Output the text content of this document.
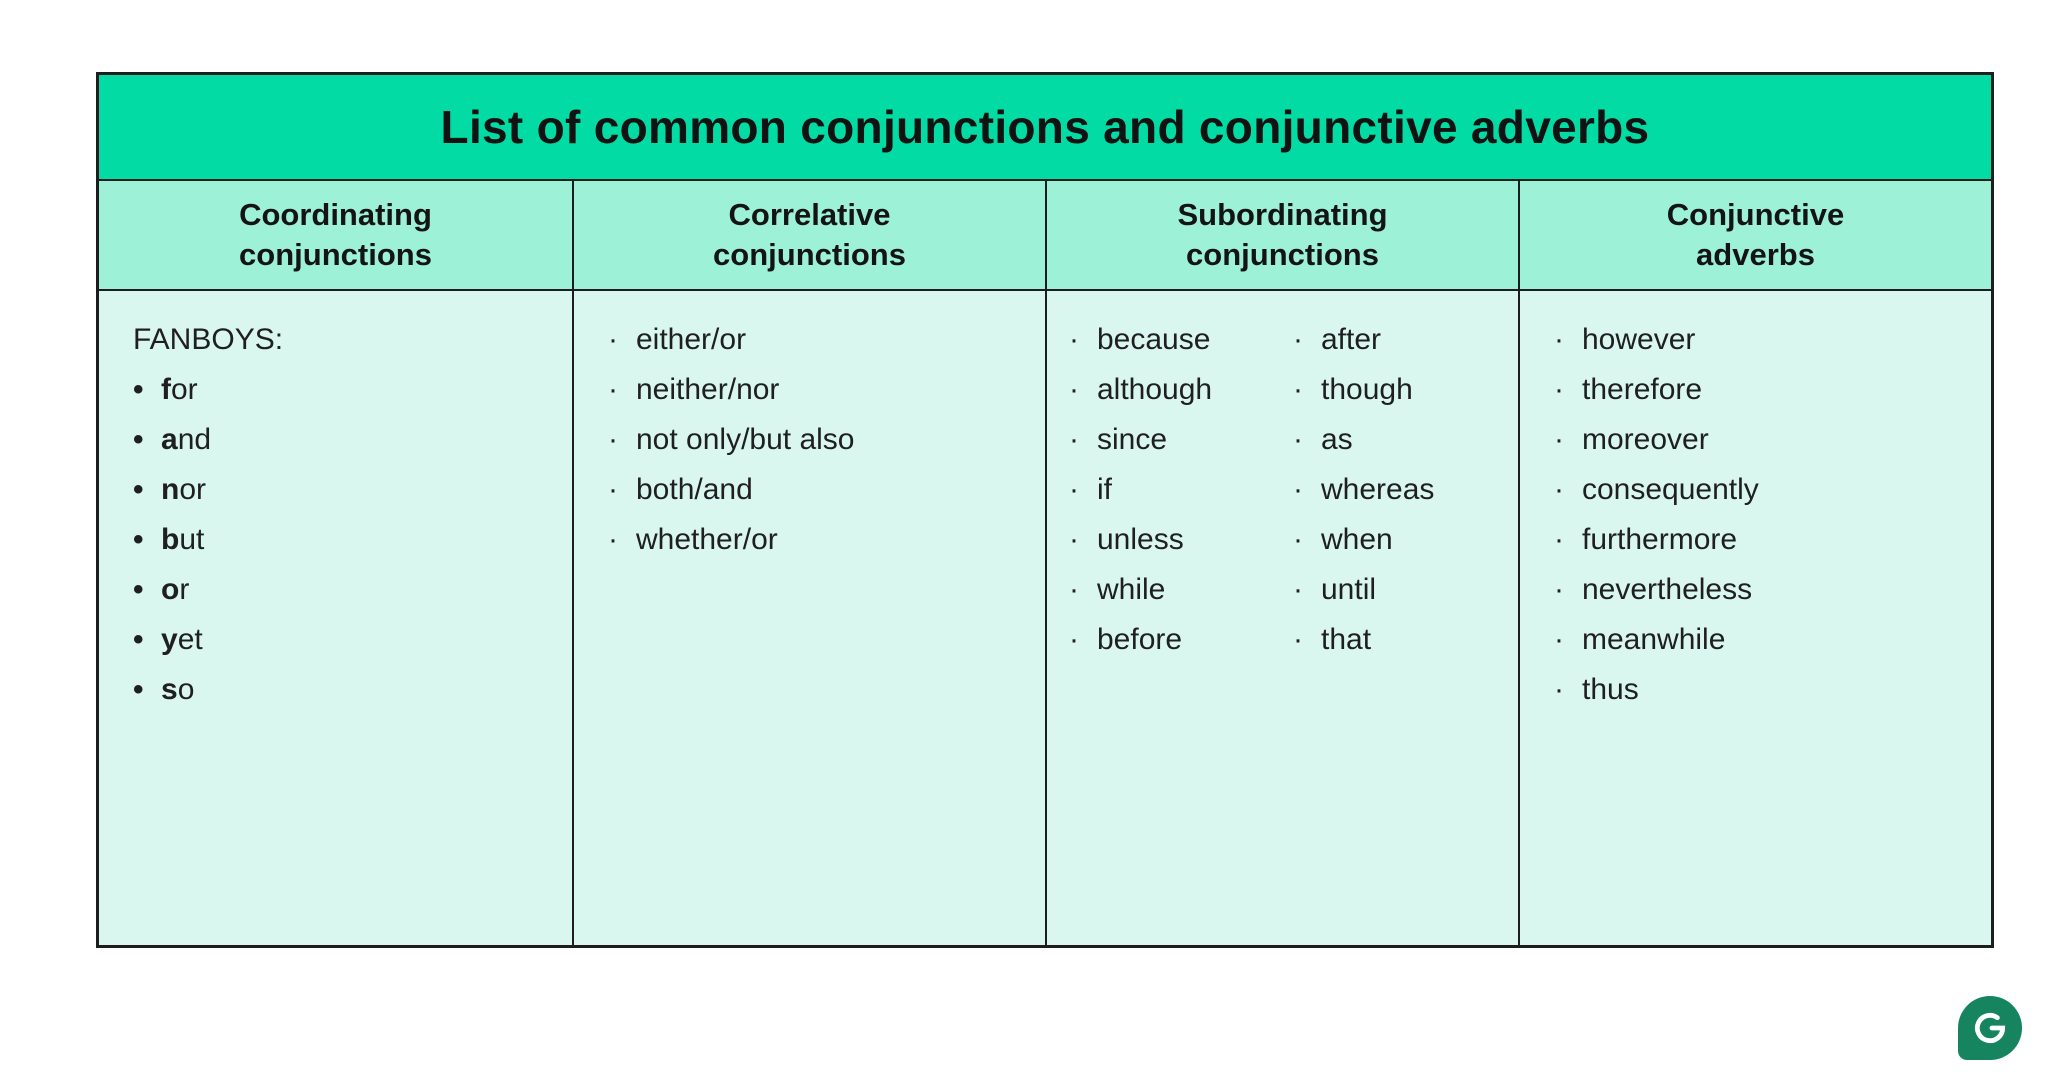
List of common conjunctions and conjunctive adverbs
Coordinating
conjunctions
Correlative
conjunctions
Subordinating
conjunctions
Conjunctive
adverbs
FANBOYS:
• for
• and
• nor
• but
• or
• yet
• so
· either/or
· neither/nor
· not only/but also
· both/and
· whether/or
· because
· although
· since
· if
· unless
· while
· before
· after
· though
· as
· whereas
· when
· until
· that
· however
· therefore
· moreover
· consequently
· furthermore
· nevertheless
· meanwhile
· thus
